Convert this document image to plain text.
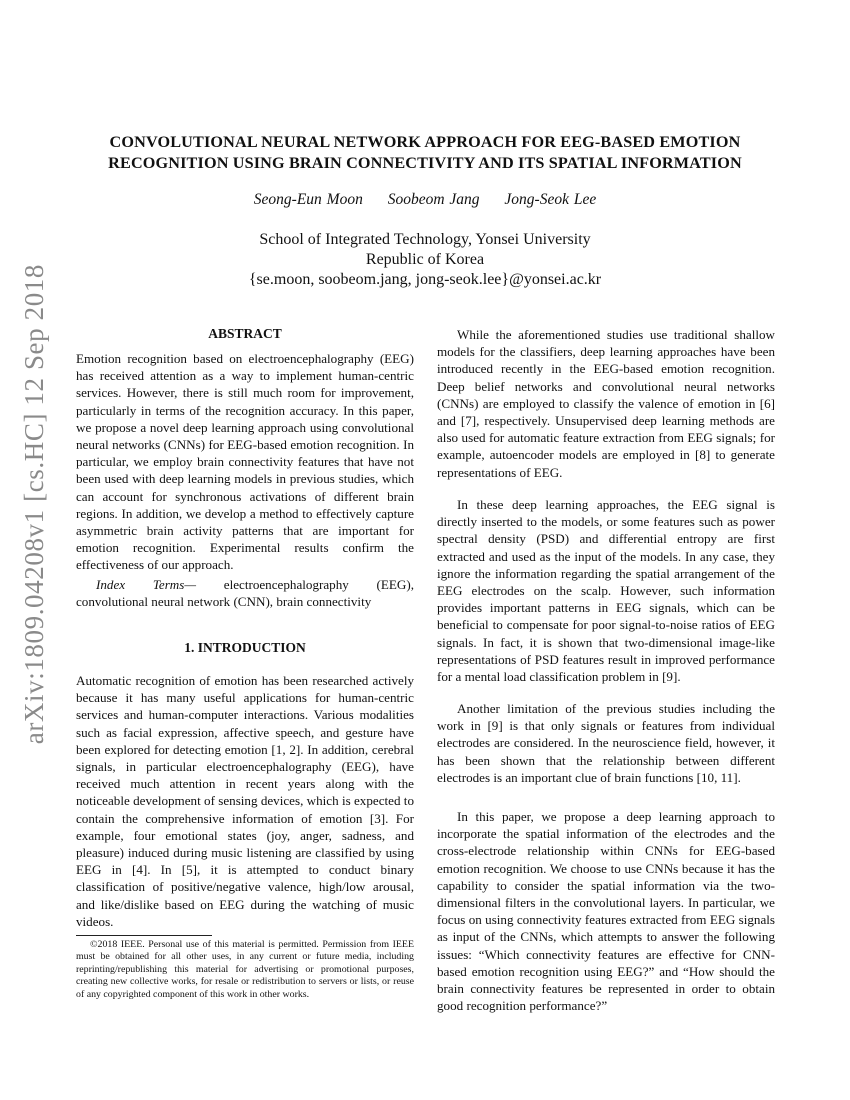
arXiv:1809.04208v1 [cs.HC] 12 Sep 2018
CONVOLUTIONAL NEURAL NETWORK APPROACH FOR EEG-BASED EMOTION
RECOGNITION USING BRAIN CONNECTIVITY AND ITS SPATIAL INFORMATION
Seong-Eun Moon Soobeom Jang Jong-Seok Lee
School of Integrated Technology, Yonsei University
Republic of Korea
{se.moon, soobeom.jang, jong-seok.lee}@yonsei.ac.kr
ABSTRACT

Emotion recognition based on electroencephalography (EEG) has received attention as a way to implement human-centric services. However, there is still much room for improvement, particularly in terms of the recognition accuracy. In this paper, we propose a novel deep learning approach using convolutional neural networks (CNNs) for EEG-based emotion recognition. In particular, we employ brain connectivity features that have not been used with deep learning models in previous studies, which can account for synchronous activations of different brain regions. In addition, we develop a method to effectively capture asymmetric brain activity patterns that are important for emotion recognition. Experimental results confirm the effectiveness of our approach.

Index Terms— electroencephalography (EEG), convolutional neural network (CNN), brain connectivity

1. INTRODUCTION

Automatic recognition of emotion has been researched actively because it has many useful applications for human-centric services and human-computer interactions. Various modalities such as facial expression, affective speech, and gesture have been explored for detecting emotion [1, 2]. In addition, cerebral signals, in particular electroencephalography (EEG), have received much attention in recent years along with the noticeable development of sensing devices, which is expected to contain the comprehensive information of emotion [3]. For example, four emotional states (joy, anger, sadness, and pleasure) induced during music listening are classified by using EEG in [4]. In [5], it is attempted to conduct binary classification of positive/negative valence, high/low arousal, and like/dislike based on EEG during the watching of music videos.

©2018 IEEE. Personal use of this material is permitted. Permission from IEEE must be obtained for all other uses, in any current or future media, including reprinting/republishing this material for advertising or promotional purposes, creating new collective works, for resale or redistribution to servers or lists, or reuse of any copyrighted component of this work in other works.

While the aforementioned studies use traditional shallow models for the classifiers, deep learning approaches have been introduced recently in the EEG-based emotion recognition. Deep belief networks and convolutional neural networks (CNNs) are employed to classify the valence of emotion in [6] and [7], respectively. Unsupervised deep learning methods are also used for automatic feature extraction from EEG signals; for example, autoencoder models are employed in [8] to generate representations of EEG.

In these deep learning approaches, the EEG signal is directly inserted to the models, or some features such as power spectral density (PSD) and differential entropy are first extracted and used as the input of the models. In any case, they ignore the information regarding the spatial arrangement of the EEG electrodes on the scalp. However, such information provides important patterns in EEG signals, which can be beneficial to compensate for poor signal-to-noise ratios of EEG signals. In fact, it is shown that two-dimensional image-like representations of PSD features result in improved performance for a mental load classification problem in [9].

Another limitation of the previous studies including the work in [9] is that only signals or features from individual electrodes are considered. In the neuroscience field, however, it has been shown that the relationship between different electrodes is an important clue of brain functions [10, 11].

In this paper, we propose a deep learning approach to incorporate the spatial information of the electrodes and the cross-electrode relationship within CNNs for EEG-based emotion recognition. We choose to use CNNs because it has the capability to consider the spatial information via the two-dimensional filters in the convolutional layers. In particular, we focus on using connectivity features extracted from EEG signals as input of the CNNs, which attempts to answer the following issues: “Which connectivity features are effective for CNN-based emotion recognition using EEG?” and “How should the brain connectivity features be represented in order to obtain good recognition performance?”
